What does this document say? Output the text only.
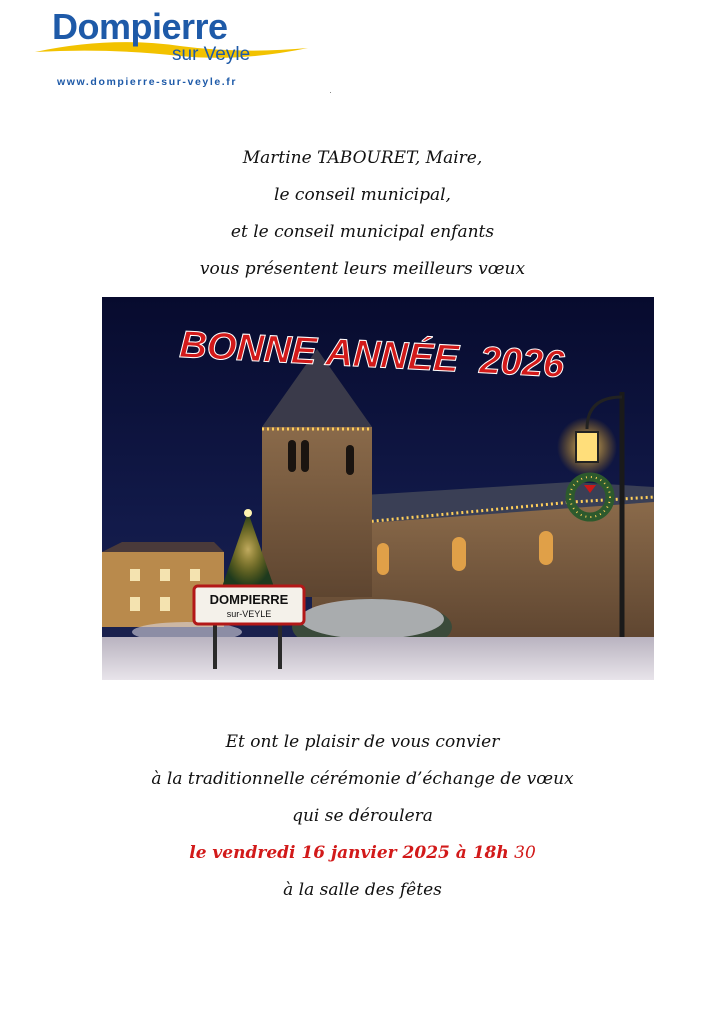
Dompierre
sur Veyle
www.dompierre-sur-veyle.fr
Martine TABOURET, Maire,
le conseil municipal,
et le conseil municipal enfants
vous présentent leurs meilleurs vœux
DOMPIERRE
sur-VEYLE
BONNE ANNÉE  2026
Et ont le plaisir de vous convier
à la traditionnelle cérémonie d’échange de vœux
qui se déroulera
le vendredi 16 janvier 2025 à 18h 30
à la salle des fêtes
